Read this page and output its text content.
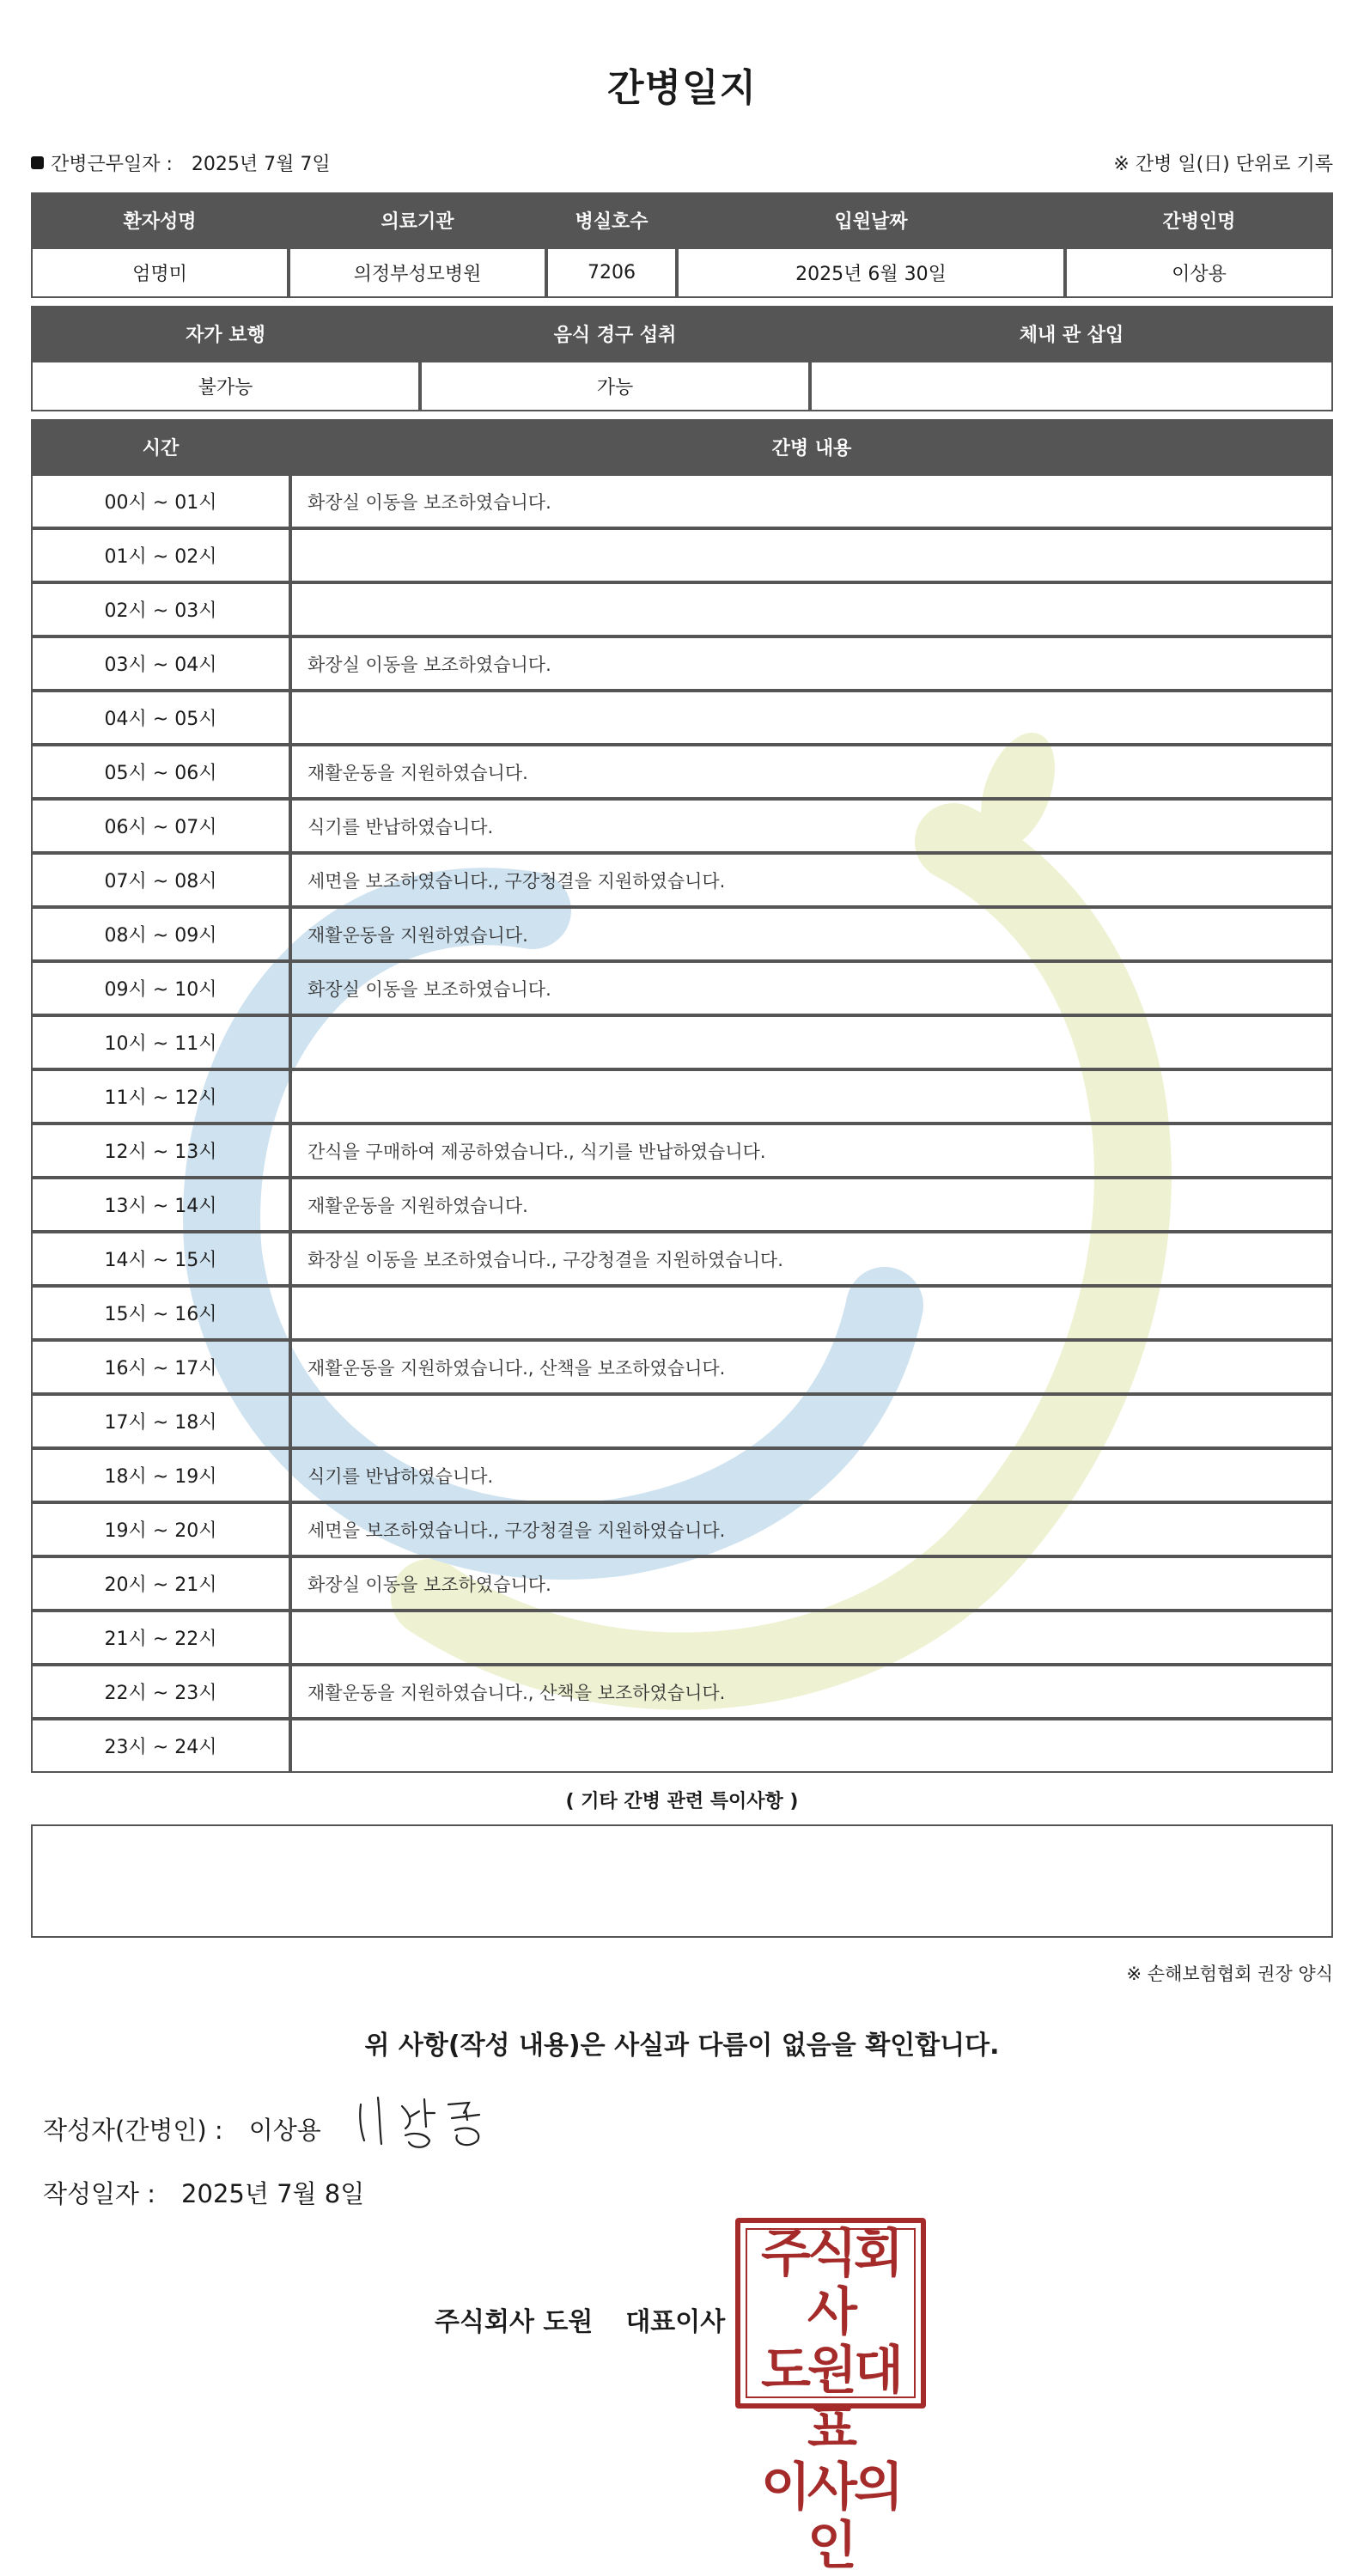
간병일지
간병근무일자 : 2025년 7월 7일	※ 간병 일(日) 단위로 기록
환자성명	의료기관	병실호수	입원날짜	간병인명
엄명미	의정부성모병원	7206	2025년 6월 30일	이상용
자가 보행	음식 경구 섭취	체내 관 삽입
불가능	가능	
시간	간병 내용
00시 ~ 01시	화장실 이동을 보조하였습니다.
01시 ~ 02시	
02시 ~ 03시	
03시 ~ 04시	화장실 이동을 보조하였습니다.
04시 ~ 05시	
05시 ~ 06시	재활운동을 지원하였습니다.
06시 ~ 07시	식기를 반납하였습니다.
07시 ~ 08시	세면을 보조하였습니다., 구강청결을 지원하였습니다.
08시 ~ 09시	재활운동을 지원하였습니다.
09시 ~ 10시	화장실 이동을 보조하였습니다.
10시 ~ 11시	
11시 ~ 12시	
12시 ~ 13시	간식을 구매하여 제공하였습니다., 식기를 반납하였습니다.
13시 ~ 14시	재활운동을 지원하였습니다.
14시 ~ 15시	화장실 이동을 보조하였습니다., 구강청결을 지원하였습니다.
15시 ~ 16시	
16시 ~ 17시	재활운동을 지원하였습니다., 산책을 보조하였습니다.
17시 ~ 18시	
18시 ~ 19시	식기를 반납하였습니다.
19시 ~ 20시	세면을 보조하였습니다., 구강청결을 지원하였습니다.
20시 ~ 21시	화장실 이동을 보조하였습니다.
21시 ~ 22시	
22시 ~ 23시	재활운동을 지원하였습니다., 산책을 보조하였습니다.
23시 ~ 24시	
( 기타 간병 관련 특이사항 )
※ 손해보험협회 권장 양식
위 사항(작성 내용)은 사실과 다름이 없음을 확인합니다.
작성자(간병인) : 이상용
작성일자 : 2025년 7월 8일
주식회사 도원 대표이사
주식회사
도원대표
이사의인
